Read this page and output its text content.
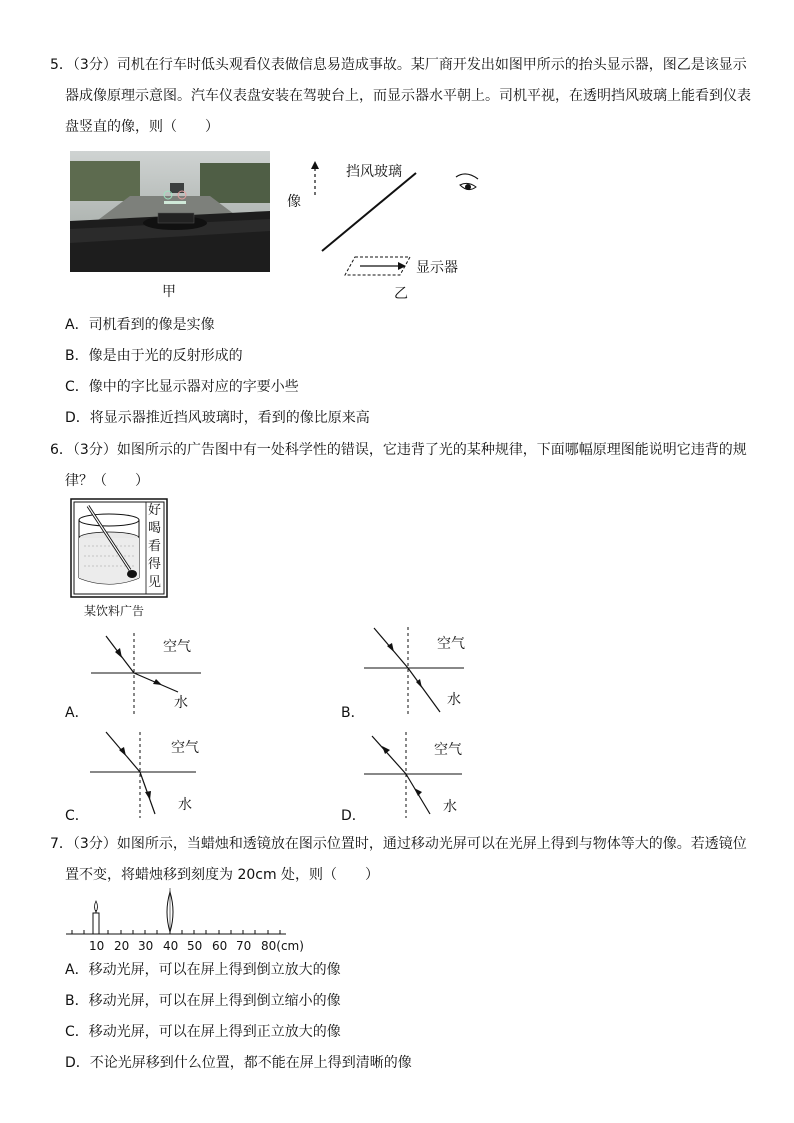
5．（3分）司机在行车时低头观看仪表做信息易造成事故。某厂商开发出如图甲所示的抬头显示器，图乙是该显示
器成像原理示意图。汽车仪表盘安装在驾驶台上，而显示器水平朝上。司机平视，在透明挡风玻璃上能看到仪表
盘竖直的像，则（　　）
甲
像
挡风玻璃
显示器
乙
A．司机看到的像是实像
B．像是由于光的反射形成的
C．像中的字比显示器对应的字要小些
D．将显示器推近挡风玻璃时，看到的像比原来高
6．（3分）如图所示的广告图中有一处科学性的错误，它违背了光的某种规律，下面哪幅原理图能说明它违背的规
律？（　　）
好
喝
看
得
见
某饮料广告
空气
水
A．
空气
水
B．
空气
水
C．
空气
水
D．
7．（3分）如图所示，当蜡烛和透镜放在图示位置时，通过移动光屏可以在光屏上得到与物体等大的像。若透镜位
置不变，将蜡烛移到刻度为 20cm 处，则（　　）
10 20 30 40 50 60 70 80(cm)
A．移动光屏，可以在屏上得到倒立放大的像
B．移动光屏，可以在屏上得到倒立缩小的像
C．移动光屏，可以在屏上得到正立放大的像
D．不论光屏移到什么位置，都不能在屏上得到清晰的像
